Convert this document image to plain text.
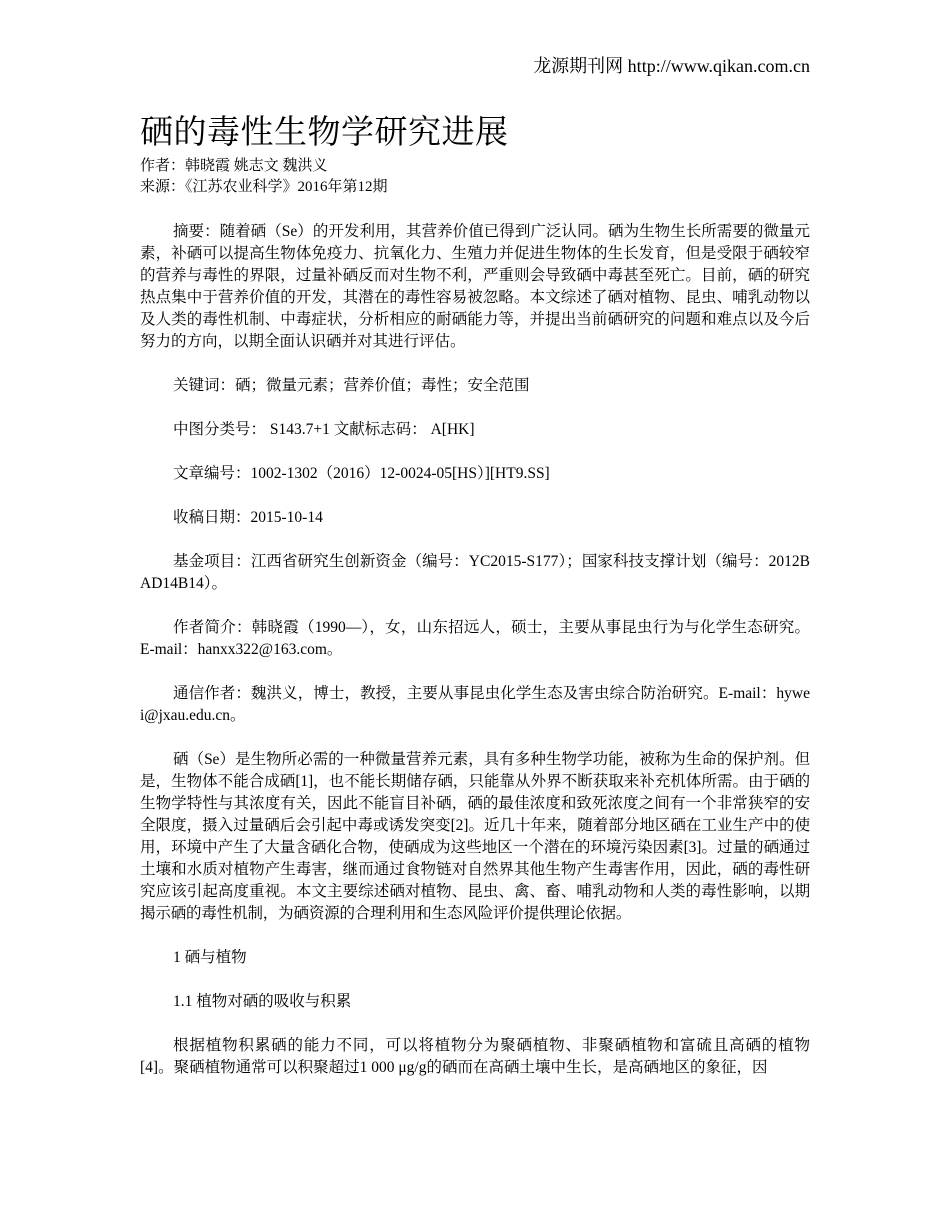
龙源期刊网 http://www.qikan.com.cn
硒的毒性生物学研究进展
作者：韩晓霞 姚志文 魏洪义
来源：《江苏农业科学》2016年第12期

摘要：随着硒（Se）的开发利用，其营养价值已得到广泛认同。硒为生物生长所需要的微量元素，补硒可以提高生物体免疫力、抗氧化力、生殖力并促进生物体的生长发育，但是受限于硒较窄的营养与毒性的界限，过量补硒反而对生物不利，严重则会导致硒中毒甚至死亡。目前，硒的研究热点集中于营养价值的开发，其潜在的毒性容易被忽略。本文综述了硒对植物、昆虫、哺乳动物以及人类的毒性机制、中毒症状，分析相应的耐硒能力等，并提出当前硒研究的问题和难点以及今后努力的方向，以期全面认识硒并对其进行评估。

关键词：硒；微量元素；营养价值；毒性；安全范围

中图分类号： S143.7+1 文献标志码： A[HK]

文章编号：1002-1302（2016）12-0024-05[HS）][HT9.SS]

收稿日期：2015-10-14

基金项目：江西省研究生创新资金（编号：YC2015-S177）；国家科技支撑计划（编号：2012BAD14B14）。

作者简介：韩晓霞（1990—），女，山东招远人，硕士，主要从事昆虫行为与化学生态研究。E-mail：hanxx322@163.com。

通信作者：魏洪义，博士，教授，主要从事昆虫化学生态及害虫综合防治研究。E-mail：hywei@jxau.edu.cn。

硒（Se）是生物所必需的一种微量营养元素，具有多种生物学功能，被称为生命的保护剂。但是，生物体不能合成硒[1]，也不能长期储存硒，只能靠从外界不断获取来补充机体所需。由于硒的生物学特性与其浓度有关，因此不能盲目补硒，硒的最佳浓度和致死浓度之间有一个非常狭窄的安全限度，摄入过量硒后会引起中毒或诱发突变[2]。近几十年来，随着部分地区硒在工业生产中的使用，环境中产生了大量含硒化合物，使硒成为这些地区一个潜在的环境污染因素[3]。过量的硒通过土壤和水质对植物产生毒害，继而通过食物链对自然界其他生物产生毒害作用，因此，硒的毒性研究应该引起高度重视。本文主要综述硒对植物、昆虫、禽、畜、哺乳动物和人类的毒性影响，以期揭示硒的毒性机制，为硒资源的合理利用和生态风险评价提供理论依据。

1 硒与植物

1.1 植物对硒的吸收与积累

根据植物积累硒的能力不同，可以将植物分为聚硒植物、非聚硒植物和富硫且高硒的植物[4]。聚硒植物通常可以积聚超过1 000 μg/g的硒而在高硒土壤中生长，是高硒地区的象征，因
